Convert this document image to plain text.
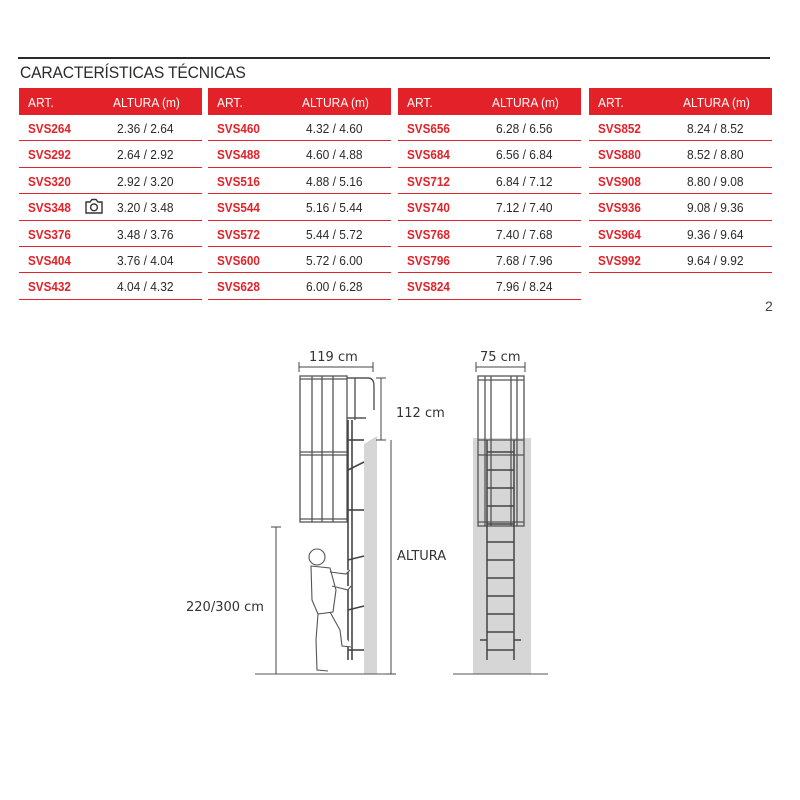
CARACTERÍSTICAS TÉCNICAS
ART.	ALTURA (m)
SVS264	2.36 / 2.64
SVS292	2.64 / 2.92
SVS320	2.92 / 3.20
SVS348	3.20 / 3.48
SVS376	3.48 / 3.76
SVS404	3.76 / 4.04
SVS432	4.04 / 4.32
ART.	ALTURA (m)
SVS460	4.32 / 4.60
SVS488	4.60 / 4.88
SVS516	4.88 / 5.16
SVS544	5.16 / 5.44
SVS572	5.44 / 5.72
SVS600	5.72 / 6.00
SVS628	6.00 / 6.28
ART.	ALTURA (m)
SVS656	6.28 / 6.56
SVS684	6.56 / 6.84
SVS712	6.84 / 7.12
SVS740	7.12 / 7.40
SVS768	7.40 / 7.68
SVS796	7.68 / 7.96
SVS824	7.96 / 8.24
ART.	ALTURA (m)
SVS852	8.24 / 8.52
SVS880	8.52 / 8.80
SVS908	8.80 / 9.08
SVS936	9.08 / 9.36
SVS964	9.36 / 9.64
SVS992	9.64 / 9.92
2
119 cm
112 cm
ALTURA
220/300 cm
75 cm
